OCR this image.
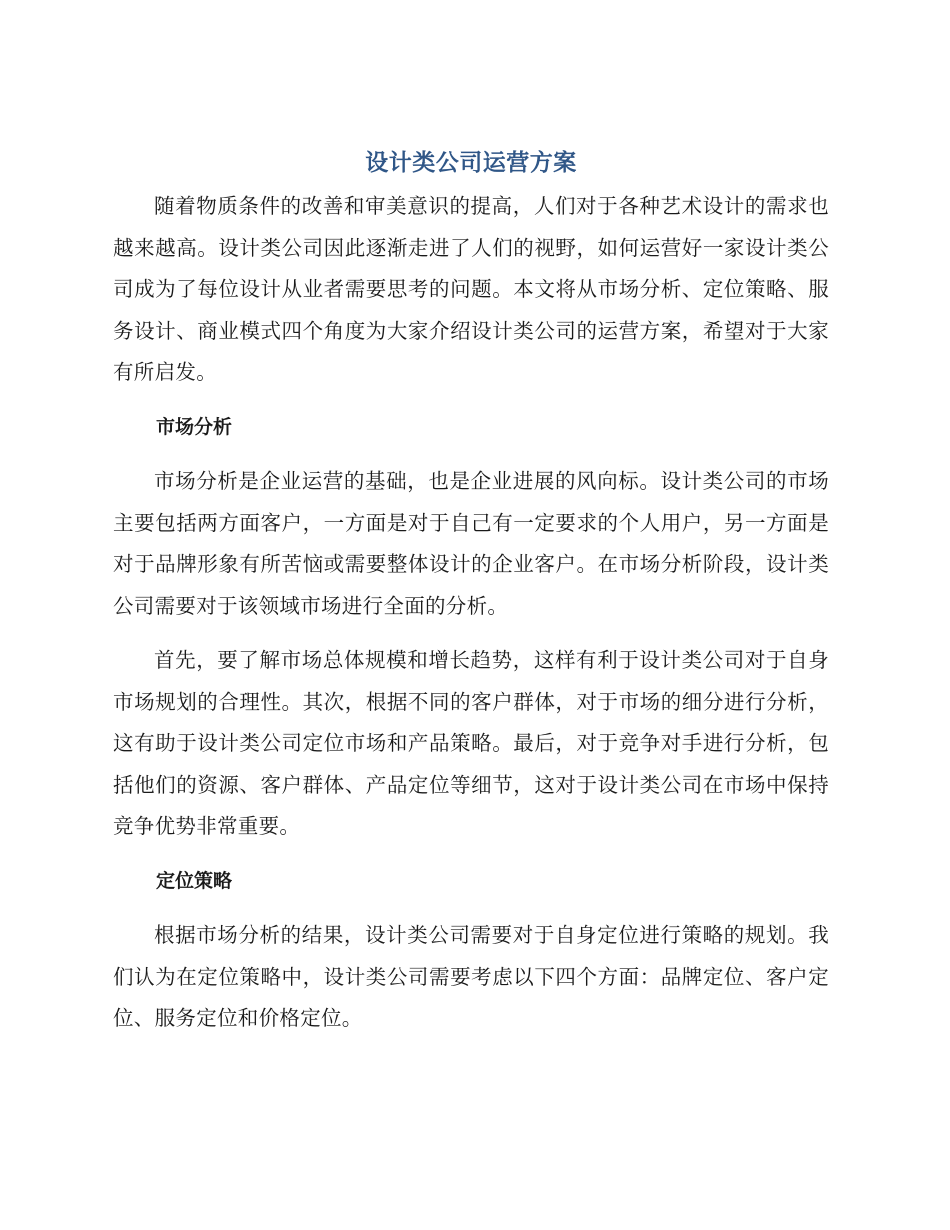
设计类公司运营方案

随着物质条件的改善和审美意识的提高，人们对于各种艺术设计的需求也越来越高。设计类公司因此逐渐走进了人们的视野，如何运营好一家设计类公司成为了每位设计从业者需要思考的问题。本文将从市场分析、定位策略、服务设计、商业模式四个角度为大家介绍设计类公司的运营方案，希望对于大家有所启发。

市场分析

市场分析是企业运营的基础，也是企业进展的风向标。设计类公司的市场主要包括两方面客户，一方面是对于自己有一定要求的个人用户，另一方面是对于品牌形象有所苦恼或需要整体设计的企业客户。在市场分析阶段，设计类公司需要对于该领域市场进行全面的分析。

首先，要了解市场总体规模和增长趋势，这样有利于设计类公司对于自身市场规划的合理性。其次，根据不同的客户群体，对于市场的细分进行分析，这有助于设计类公司定位市场和产品策略。最后，对于竞争对手进行分析，包括他们的资源、客户群体、产品定位等细节，这对于设计类公司在市场中保持竞争优势非常重要。

定位策略

根据市场分析的结果，设计类公司需要对于自身定位进行策略的规划。我们认为在定位策略中，设计类公司需要考虑以下四个方面：品牌定位、客户定位、服务定位和价格定位。
